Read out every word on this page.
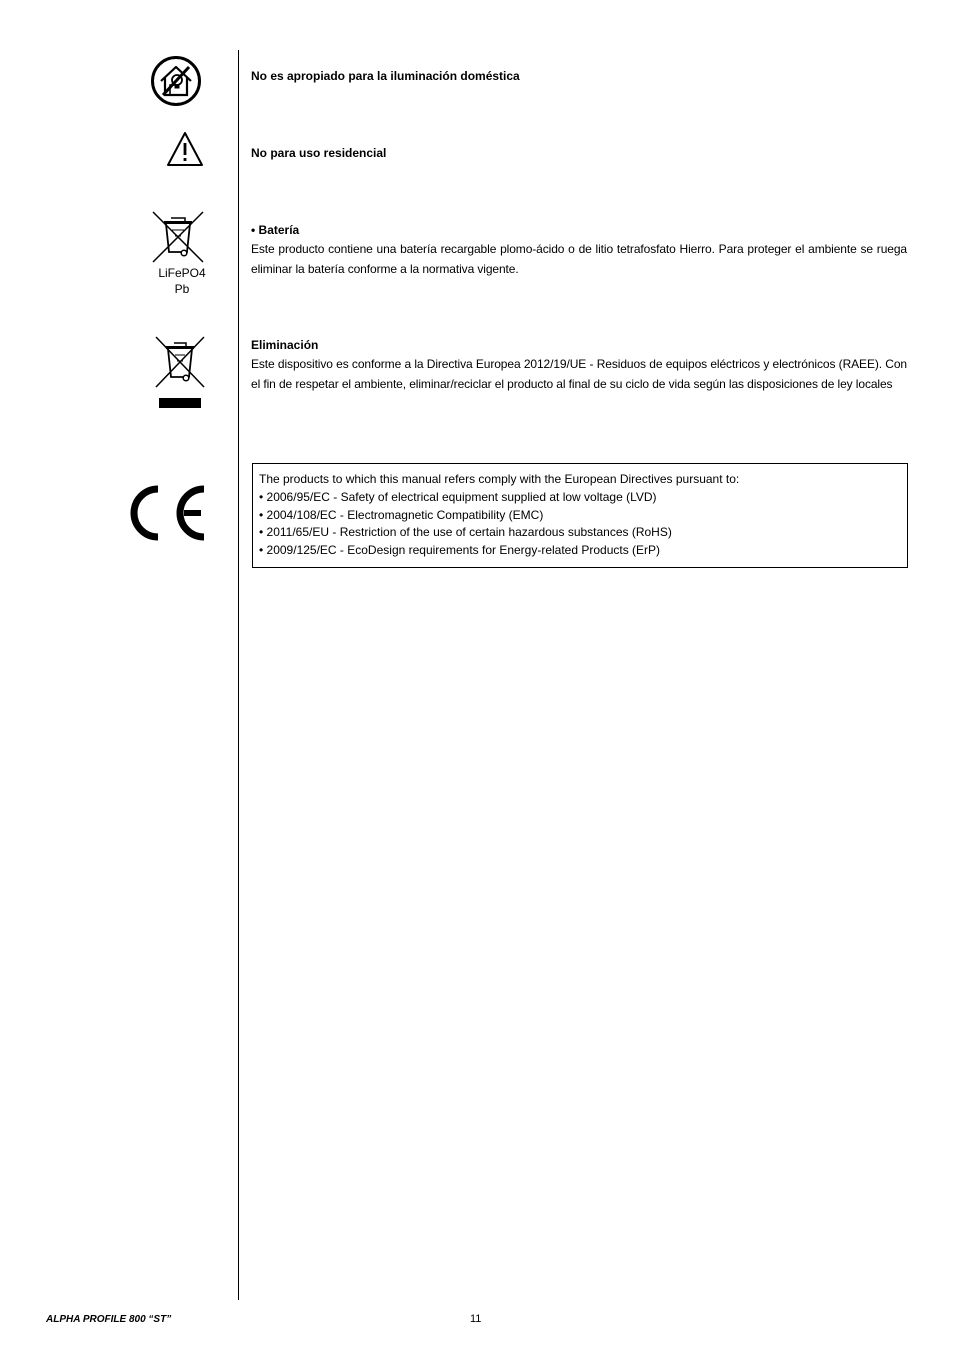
LiFePO4
Pb
No es apropiado para la iluminación doméstica
No para uso residencial
• Batería
Este producto contiene una batería recargable plomo-ácido o de litio tetrafosfato Hierro. Para proteger el ambiente se ruega eliminar la batería conforme a la normativa vigente.
Eliminación
Este dispositivo es conforme a la Directiva Europea 2012/19/UE - Residuos de equipos eléctricos y electrónicos (RAEE). Con el fin de respetar el ambiente, eliminar/reciclar el producto al final de su ciclo de vida según las disposiciones de ley locales
The products to which this manual refers comply with the European Directives pursuant to:
• 2006/95/EC - Safety of electrical equipment supplied at low voltage (LVD)
• 2004/108/EC - Electromagnetic Compatibility (EMC)
• 2011/65/EU - Restriction of the use of certain hazardous substances (RoHS)
• 2009/125/EC - EcoDesign requirements for Energy-related Products (ErP)
ALPHA PROFILE 800 “ST”	11
